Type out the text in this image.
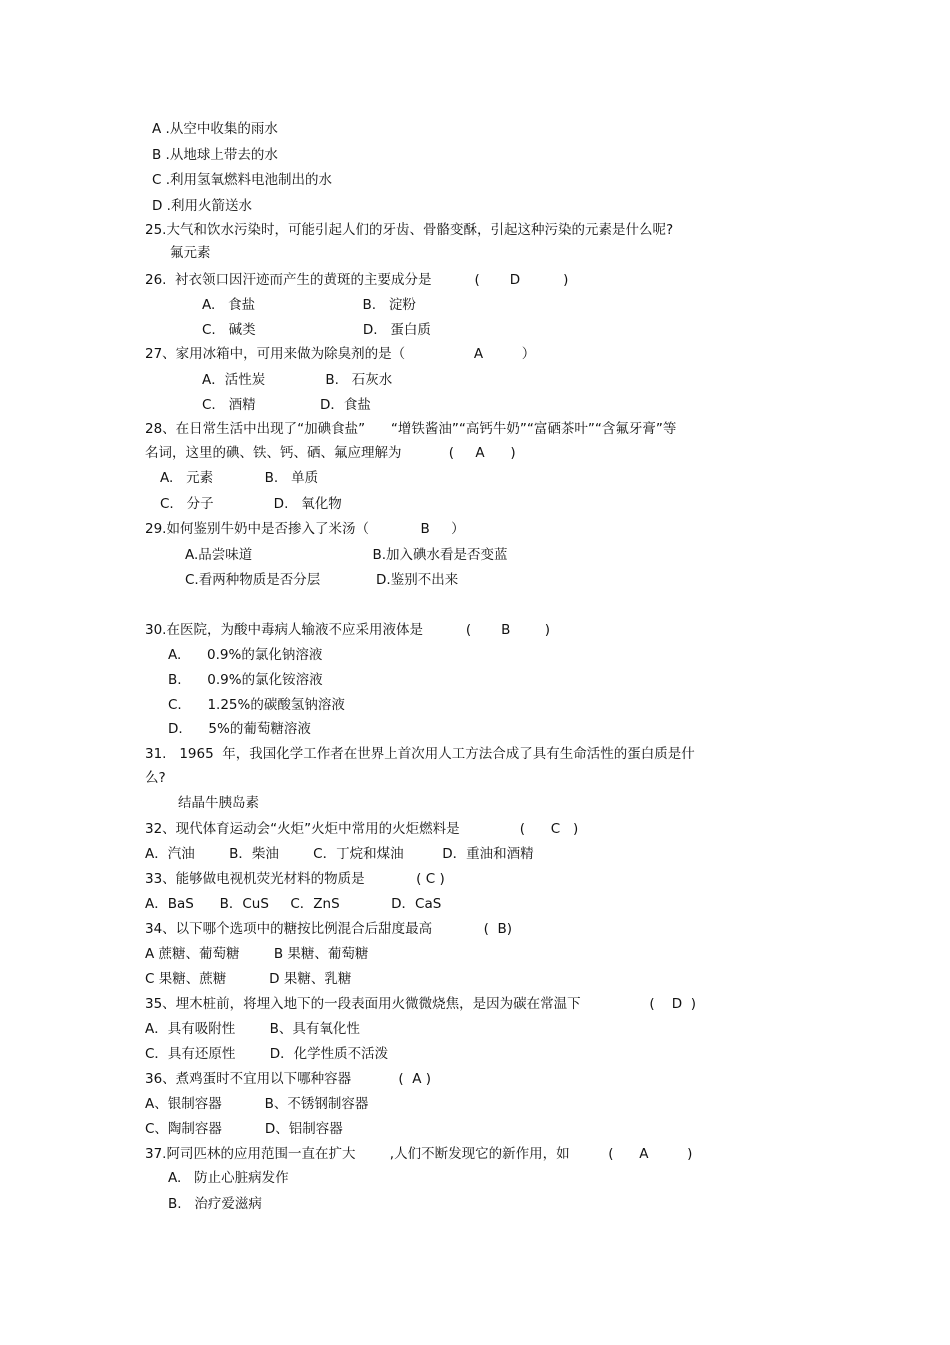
A .从空中收集的雨水
B .从地球上带去的水
C .利用氢氧燃料电池制出的水
D .利用火箭送水
25.大气和饮水污染时，可能引起人们的牙齿、骨骼变酥，引起这种污染的元素是什么呢?
氟元素
26.  衬衣领口因汗迹而产生的黄斑的主要成分是          (       D          )
A.   食盐                         B.   淀粉
C.   碱类                         D.   蛋白质
27、家用冰箱中，可用来做为除臭剂的是（                A         ）
A．活性炭              B.   石灰水
C.   酒精               D．食盐
28、在日常生活中出现了“加碘食盐”      “增铁酱油”“高钙牛奶”“富硒茶叶”“含氟牙膏”等
名词，这里的碘、铁、钙、硒、氟应理解为           (     A      )
A.   元素            B.   单质
C.   分子              D.   氧化物
29.如何鉴别牛奶中是否掺入了米汤（            B     ）
A.品尝味道                            B.加入碘水看是否变蓝
C.看两种物质是否分层             D.鉴别不出来
30.在医院，为酸中毒病人输液不应采用液体是          (       B        )
A.      0.9%的氯化钠溶液
B.      0.9%的氯化铵溶液
C.      1.25%的碳酸氢钠溶液
D.      5%的葡萄糖溶液
31.   1965  年，我国化学工作者在世界上首次用人工方法合成了具有生命活性的蛋白质是什
么?
结晶牛胰岛素
32、现代体育运动会“火炬”火炬中常用的火炬燃料是              (      C   )
A．汽油        B．柴油        C．丁烷和煤油         D．重油和酒精
33、能够做电视机荧光材料的物质是            ( C )
A．BaS      B．CuS     C．ZnS            D．CaS
34、以下哪个选项中的糖按比例混合后甜度最高            (  B)
A 蔗糖、葡萄糖        B 果糖、葡萄糖
C 果糖、蔗糖          D 果糖、乳糖
35、埋木桩前，将埋入地下的一段表面用火微微烧焦，是因为碳在常温下                (    D  )
A．具有吸附性        B、具有氧化性
C．具有还原性        D．化学性质不活泼
36、煮鸡蛋时不宜用以下哪种容器           (  A )
A、银制容器          B、不锈钢制容器
C、陶制容器          D、铝制容器
37.阿司匹林的应用范围一直在扩大        ,人们不断发现它的新作用，如         (      A         )
A.   防止心脏病发作
B.   治疗爱滋病
